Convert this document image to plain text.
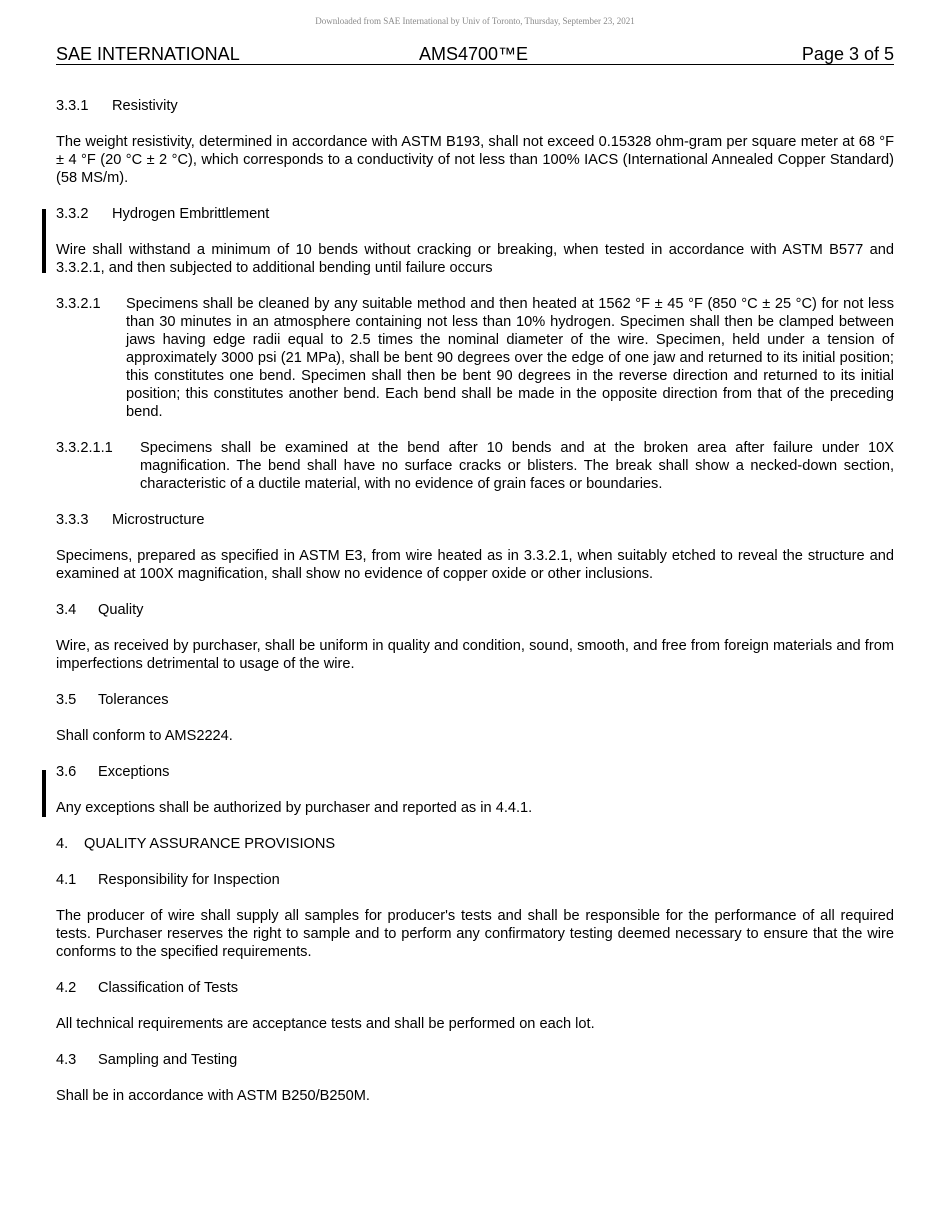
Downloaded from SAE International by Univ of Toronto, Thursday, September 23, 2021
SAE INTERNATIONAL	AMS4700™E	Page 3 of 5
3.3.1	Resistivity
The weight resistivity, determined in accordance with ASTM B193, shall not exceed 0.15328 ohm-gram per square meter at 68 °F ± 4 °F (20 °C ± 2 °C), which corresponds to a conductivity of not less than 100% IACS (International Annealed Copper Standard) (58 MS/m).
3.3.2	Hydrogen Embrittlement
Wire shall withstand a minimum of 10 bends without cracking or breaking, when tested in accordance with ASTM B577 and 3.3.2.1, and then subjected to additional bending until failure occurs
3.3.2.1	Specimens shall be cleaned by any suitable method and then heated at 1562 °F ± 45 °F (850 °C ± 25 °C) for not less than 30 minutes in an atmosphere containing not less than 10% hydrogen. Specimen shall then be clamped between jaws having edge radii equal to 2.5 times the nominal diameter of the wire. Specimen, held under a tension of approximately 3000 psi (21 MPa), shall be bent 90 degrees over the edge of one jaw and returned to its initial position; this constitutes one bend. Specimen shall then be bent 90 degrees in the reverse direction and returned to its initial position; this constitutes another bend. Each bend shall be made in the opposite direction from that of the preceding bend.
3.3.2.1.1	Specimens shall be examined at the bend after 10 bends and at the broken area after failure under 10X magnification. The bend shall have no surface cracks or blisters. The break shall show a necked-down section, characteristic of a ductile material, with no evidence of grain faces or boundaries.
3.3.3	Microstructure
Specimens, prepared as specified in ASTM E3, from wire heated as in 3.3.2.1, when suitably etched to reveal the structure and examined at 100X magnification, shall show no evidence of copper oxide or other inclusions.
3.4	Quality
Wire, as received by purchaser, shall be uniform in quality and condition, sound, smooth, and free from foreign materials and from imperfections detrimental to usage of the wire.
3.5	Tolerances
Shall conform to AMS2224.
3.6	Exceptions
Any exceptions shall be authorized by purchaser and reported as in 4.4.1.
4.	QUALITY ASSURANCE PROVISIONS
4.1	Responsibility for Inspection
The producer of wire shall supply all samples for producer's tests and shall be responsible for the performance of all required tests. Purchaser reserves the right to sample and to perform any confirmatory testing deemed necessary to ensure that the wire conforms to the specified requirements.
4.2	Classification of Tests
All technical requirements are acceptance tests and shall be performed on each lot.
4.3	Sampling and Testing
Shall be in accordance with ASTM B250/B250M.
